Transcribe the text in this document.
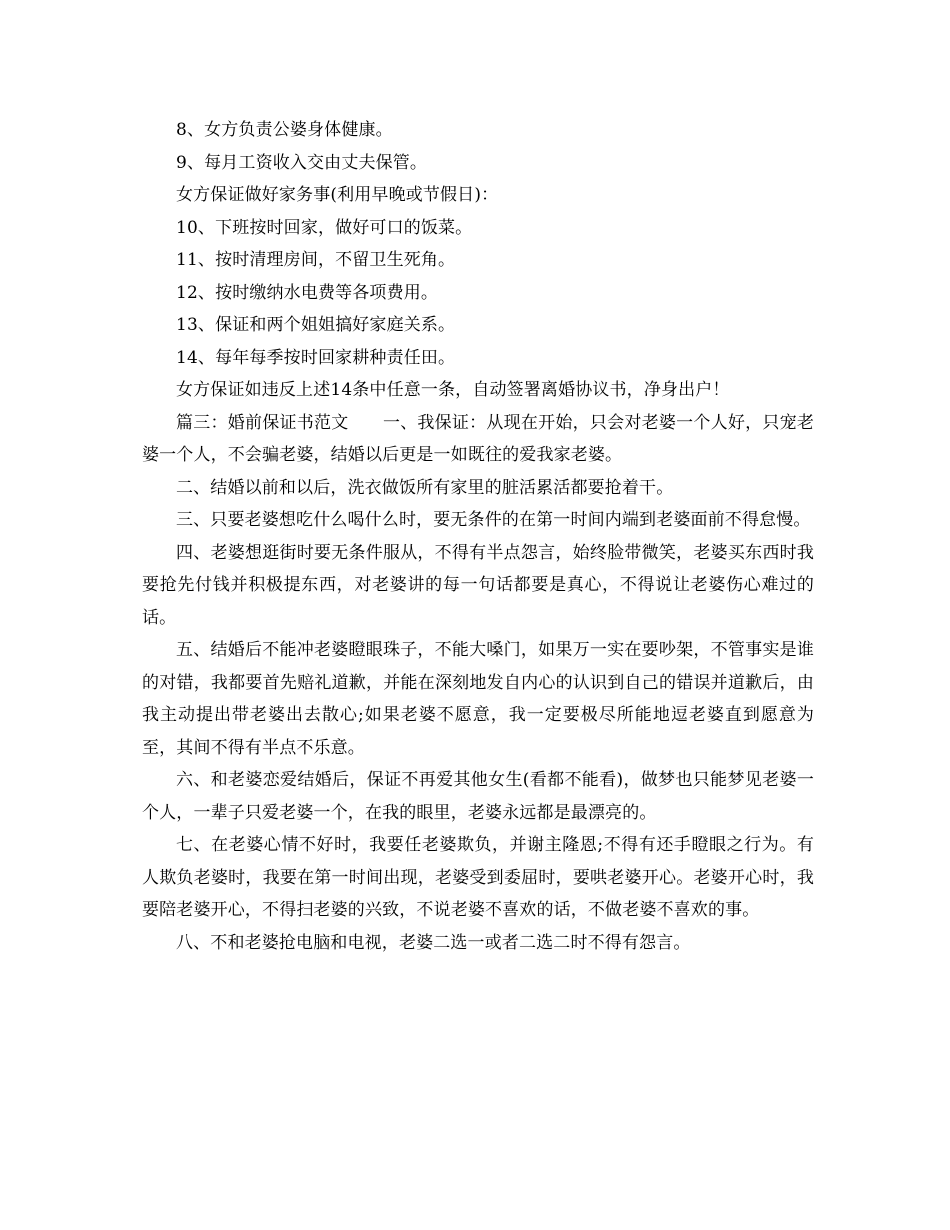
8、女方负责公婆身体健康。

9、每月工资收入交由丈夫保管。

女方保证做好家务事(利用早晚或节假日)：

10、下班按时回家，做好可口的饭菜。

11、按时清理房间，不留卫生死角。

12、按时缴纳水电费等各项费用。

13、保证和两个姐姐搞好家庭关系。

14、每年每季按时回家耕种责任田。

女方保证如违反上述14条中任意一条，自动签署离婚协议书，净身出户！

篇三：婚前保证书范文　　一、我保证：从现在开始，只会对老婆一个人好，只宠老婆一个人，不会骗老婆，结婚以后更是一如既往的爱我家老婆。

二、结婚以前和以后，洗衣做饭所有家里的脏活累活都要抢着干。

三、只要老婆想吃什么喝什么时，要无条件的在第一时间内端到老婆面前不得怠慢。

四、老婆想逛街时要无条件服从，不得有半点怨言，始终脸带微笑，老婆买东西时我要抢先付钱并积极提东西，对老婆讲的每一句话都要是真心，不得说让老婆伤心难过的话。

五、结婚后不能冲老婆瞪眼珠子，不能大嗓门，如果万一实在要吵架，不管事实是谁的对错，我都要首先赔礼道歉，并能在深刻地发自内心的认识到自己的错误并道歉后，由我主动提出带老婆出去散心;如果老婆不愿意，我一定要极尽所能地逗老婆直到愿意为至，其间不得有半点不乐意。

六、和老婆恋爱结婚后，保证不再爱其他女生(看都不能看)，做梦也只能梦见老婆一个人，一辈子只爱老婆一个，在我的眼里，老婆永远都是最漂亮的。

七、在老婆心情不好时，我要任老婆欺负，并谢主隆恩;不得有还手瞪眼之行为。有人欺负老婆时，我要在第一时间出现，老婆受到委屈时，要哄老婆开心。老婆开心时，我要陪老婆开心，不得扫老婆的兴致，不说老婆不喜欢的话，不做老婆不喜欢的事。

八、不和老婆抢电脑和电视，老婆二选一或者二选二时不得有怨言。
